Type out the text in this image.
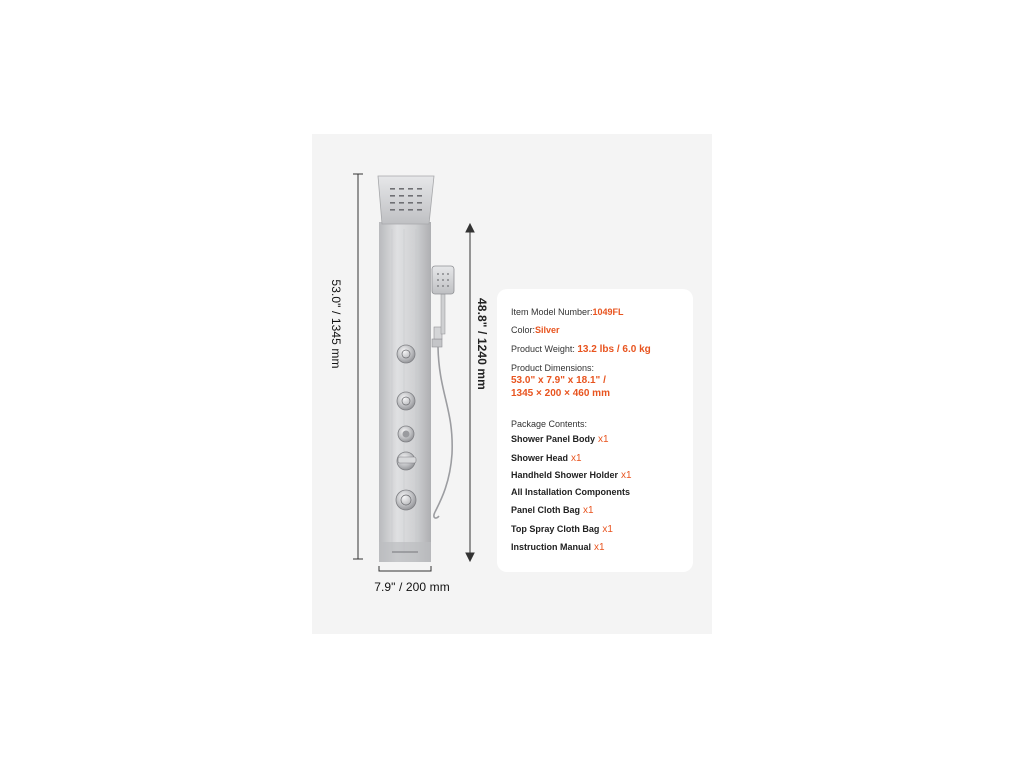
53.0" / 1345 mm	48.8" / 1240 mm
7.9" / 200 mm
Item Model Number:1049FL
Color:Silver
Product Weight: 13.2 lbs / 6.0 kg
Product Dimensions:
53.0" x 7.9" x 18.1" /
1345 × 200 × 460 mm
Package Contents:
Shower Panel Body x1
Shower Head x1
Handheld Shower Holder x1
All Installation Components
Panel Cloth Bag x1
Top Spray Cloth Bag x1
Instruction Manual x1
